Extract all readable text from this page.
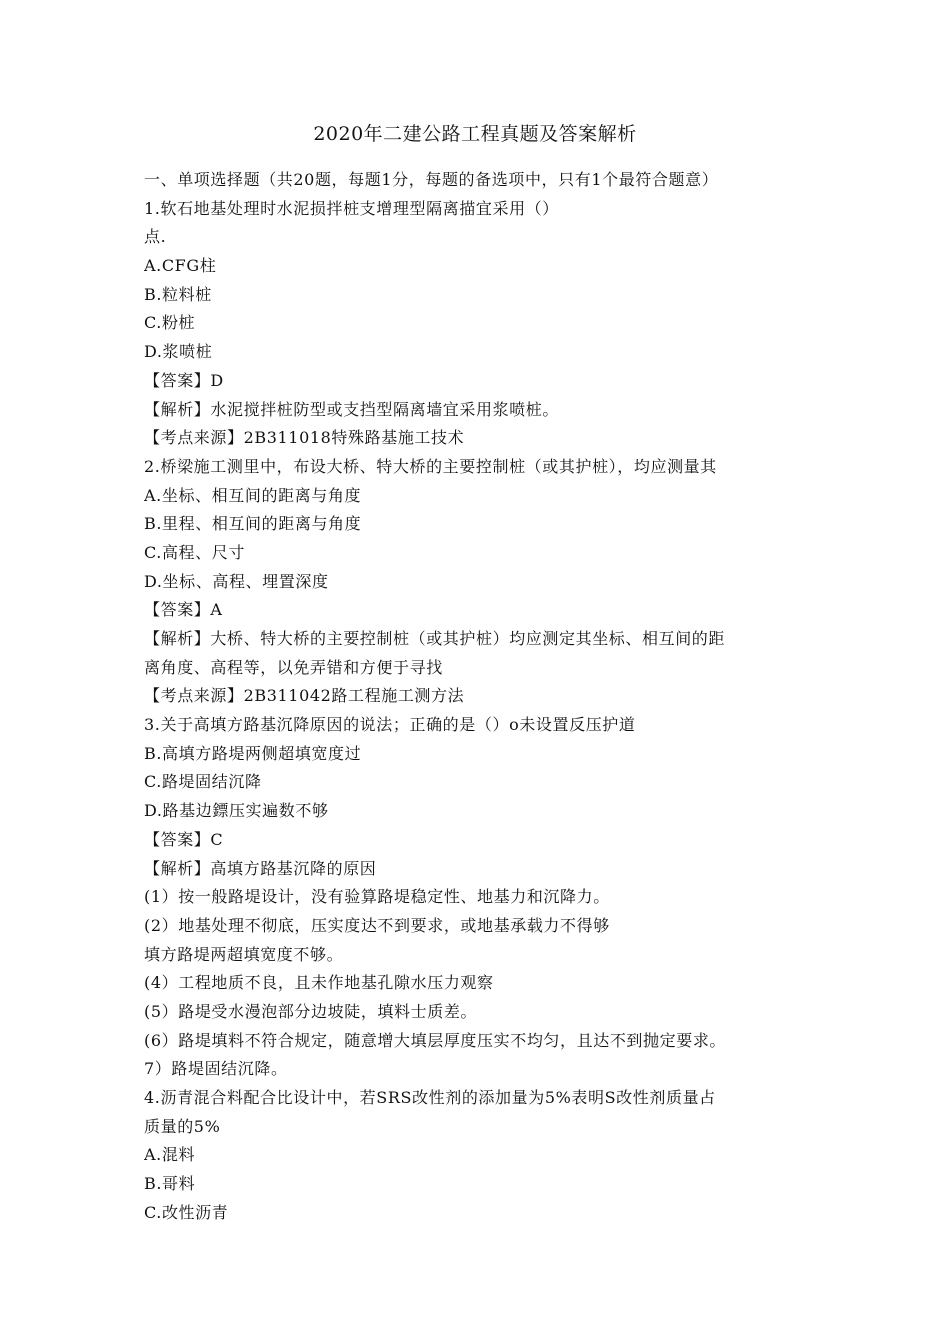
2020年二建公路工程真题及答案解析
一、单项选择题（共20题，每题1分，每题的备选项中，只有1个最符合题意）
1.软石地基处理时水泥损拌桩支增理型隔离描宜采用（）
点.
A.CFG柱
B.粒料桩
C.粉桩
D.浆喷桩
【答案】D
【解析】水泥搅拌桩防型或支挡型隔离墙宜采用浆喷桩。
【考点来源】2B311018特殊路基施工技术
2.桥梁施工测里中，布设大桥、特大桥的主要控制桩（或其护桩），均应测量其
A.坐标、相互间的距离与角度
B.里程、相互间的距离与角度
C.高程、尺寸
D.坐标、高程、埋置深度
【答案】A
【解析】大桥、特大桥的主要控制桩（或其护桩）均应测定其坐标、相互间的距
离角度、高程等，以免弄错和方便于寻找
【考点来源】2B311042路工程施工测方法
3.关于高填方路基沉降原因的说法；正确的是（）o未设置反压护道
B.高填方路堤两侧超填宽度过
C.路堤固结沉降
D.路基边鏢压实遍数不够
【答案】C
【解析】高填方路基沉降的原因
(1）按一般路堤设计，没有验算路堤稳定性、地基力和沉降力。
(2）地基处理不彻底，压实度达不到要求，或地基承载力不得够
填方路堤两超填宽度不够。
(4）工程地质不良，且未作地基孔隙水压力观察
(5）路堤受水漫泡部分边坡陡，填料士质差。
(6）路堤填料不符合规定，随意增大填层厚度压实不均匀，且达不到抛定要求。
7）路堤固结沉降。
4.沥青混合料配合比设计中，若SRS改性剂的添加量为5%表明S改性剂质量占
质量的5%
A.混料
B.哥料
C.改性沥青
